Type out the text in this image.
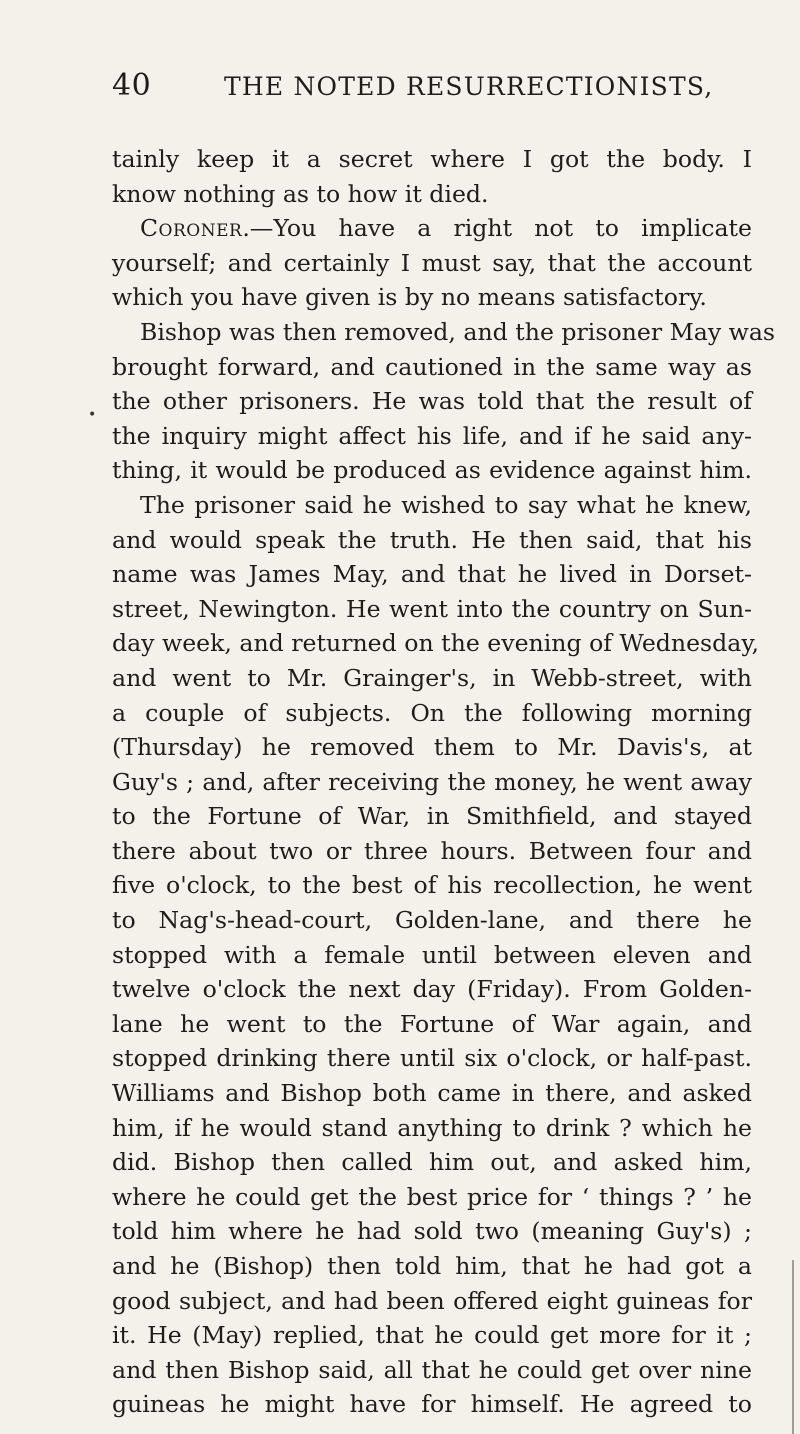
40	THE NOTED RESURRECTIONISTS,
•
tainly keep it a secret where I got the body. I
know nothing as to how it died.
Coroner.—You have a right not to implicate
yourself; and certainly I must say, that the account
which you have given is by no means satisfactory.
Bishop was then removed, and the prisoner May was
brought forward, and cautioned in the same way as
the other prisoners. He was told that the result of
the inquiry might affect his life, and if he said any-
thing, it would be produced as evidence against him.
The prisoner said he wished to say what he knew,
and would speak the truth. He then said, that his
name was James May, and that he lived in Dorset-
street, Newington. He went into the country on Sun-
day week, and returned on the evening of Wednesday,
and went to Mr. Grainger's, in Webb-street, with
a couple of subjects. On the following morning
(Thursday) he removed them to Mr. Davis's, at
Guy's ; and, after receiving the money, he went away
to the Fortune of War, in Smithfield, and stayed
there about two or three hours. Between four and
five o'clock, to the best of his recollection, he went
to Nag's-head-court, Golden-lane, and there he
stopped with a female until between eleven and
twelve o'clock the next day (Friday). From Golden-
lane he went to the Fortune of War again, and
stopped drinking there until six o'clock, or half-past.
Williams and Bishop both came in there, and asked
him, if he would stand anything to drink ? which he
did. Bishop then called him out, and asked him,
where he could get the best price for ‘ things ? ’ he
told him where he had sold two (meaning Guy's) ;
and he (Bishop) then told him, that he had got a
good subject, and had been offered eight guineas for
it. He (May) replied, that he could get more for it ;
and then Bishop said, all that he could get over nine
guineas he might have for himself. He agreed to
